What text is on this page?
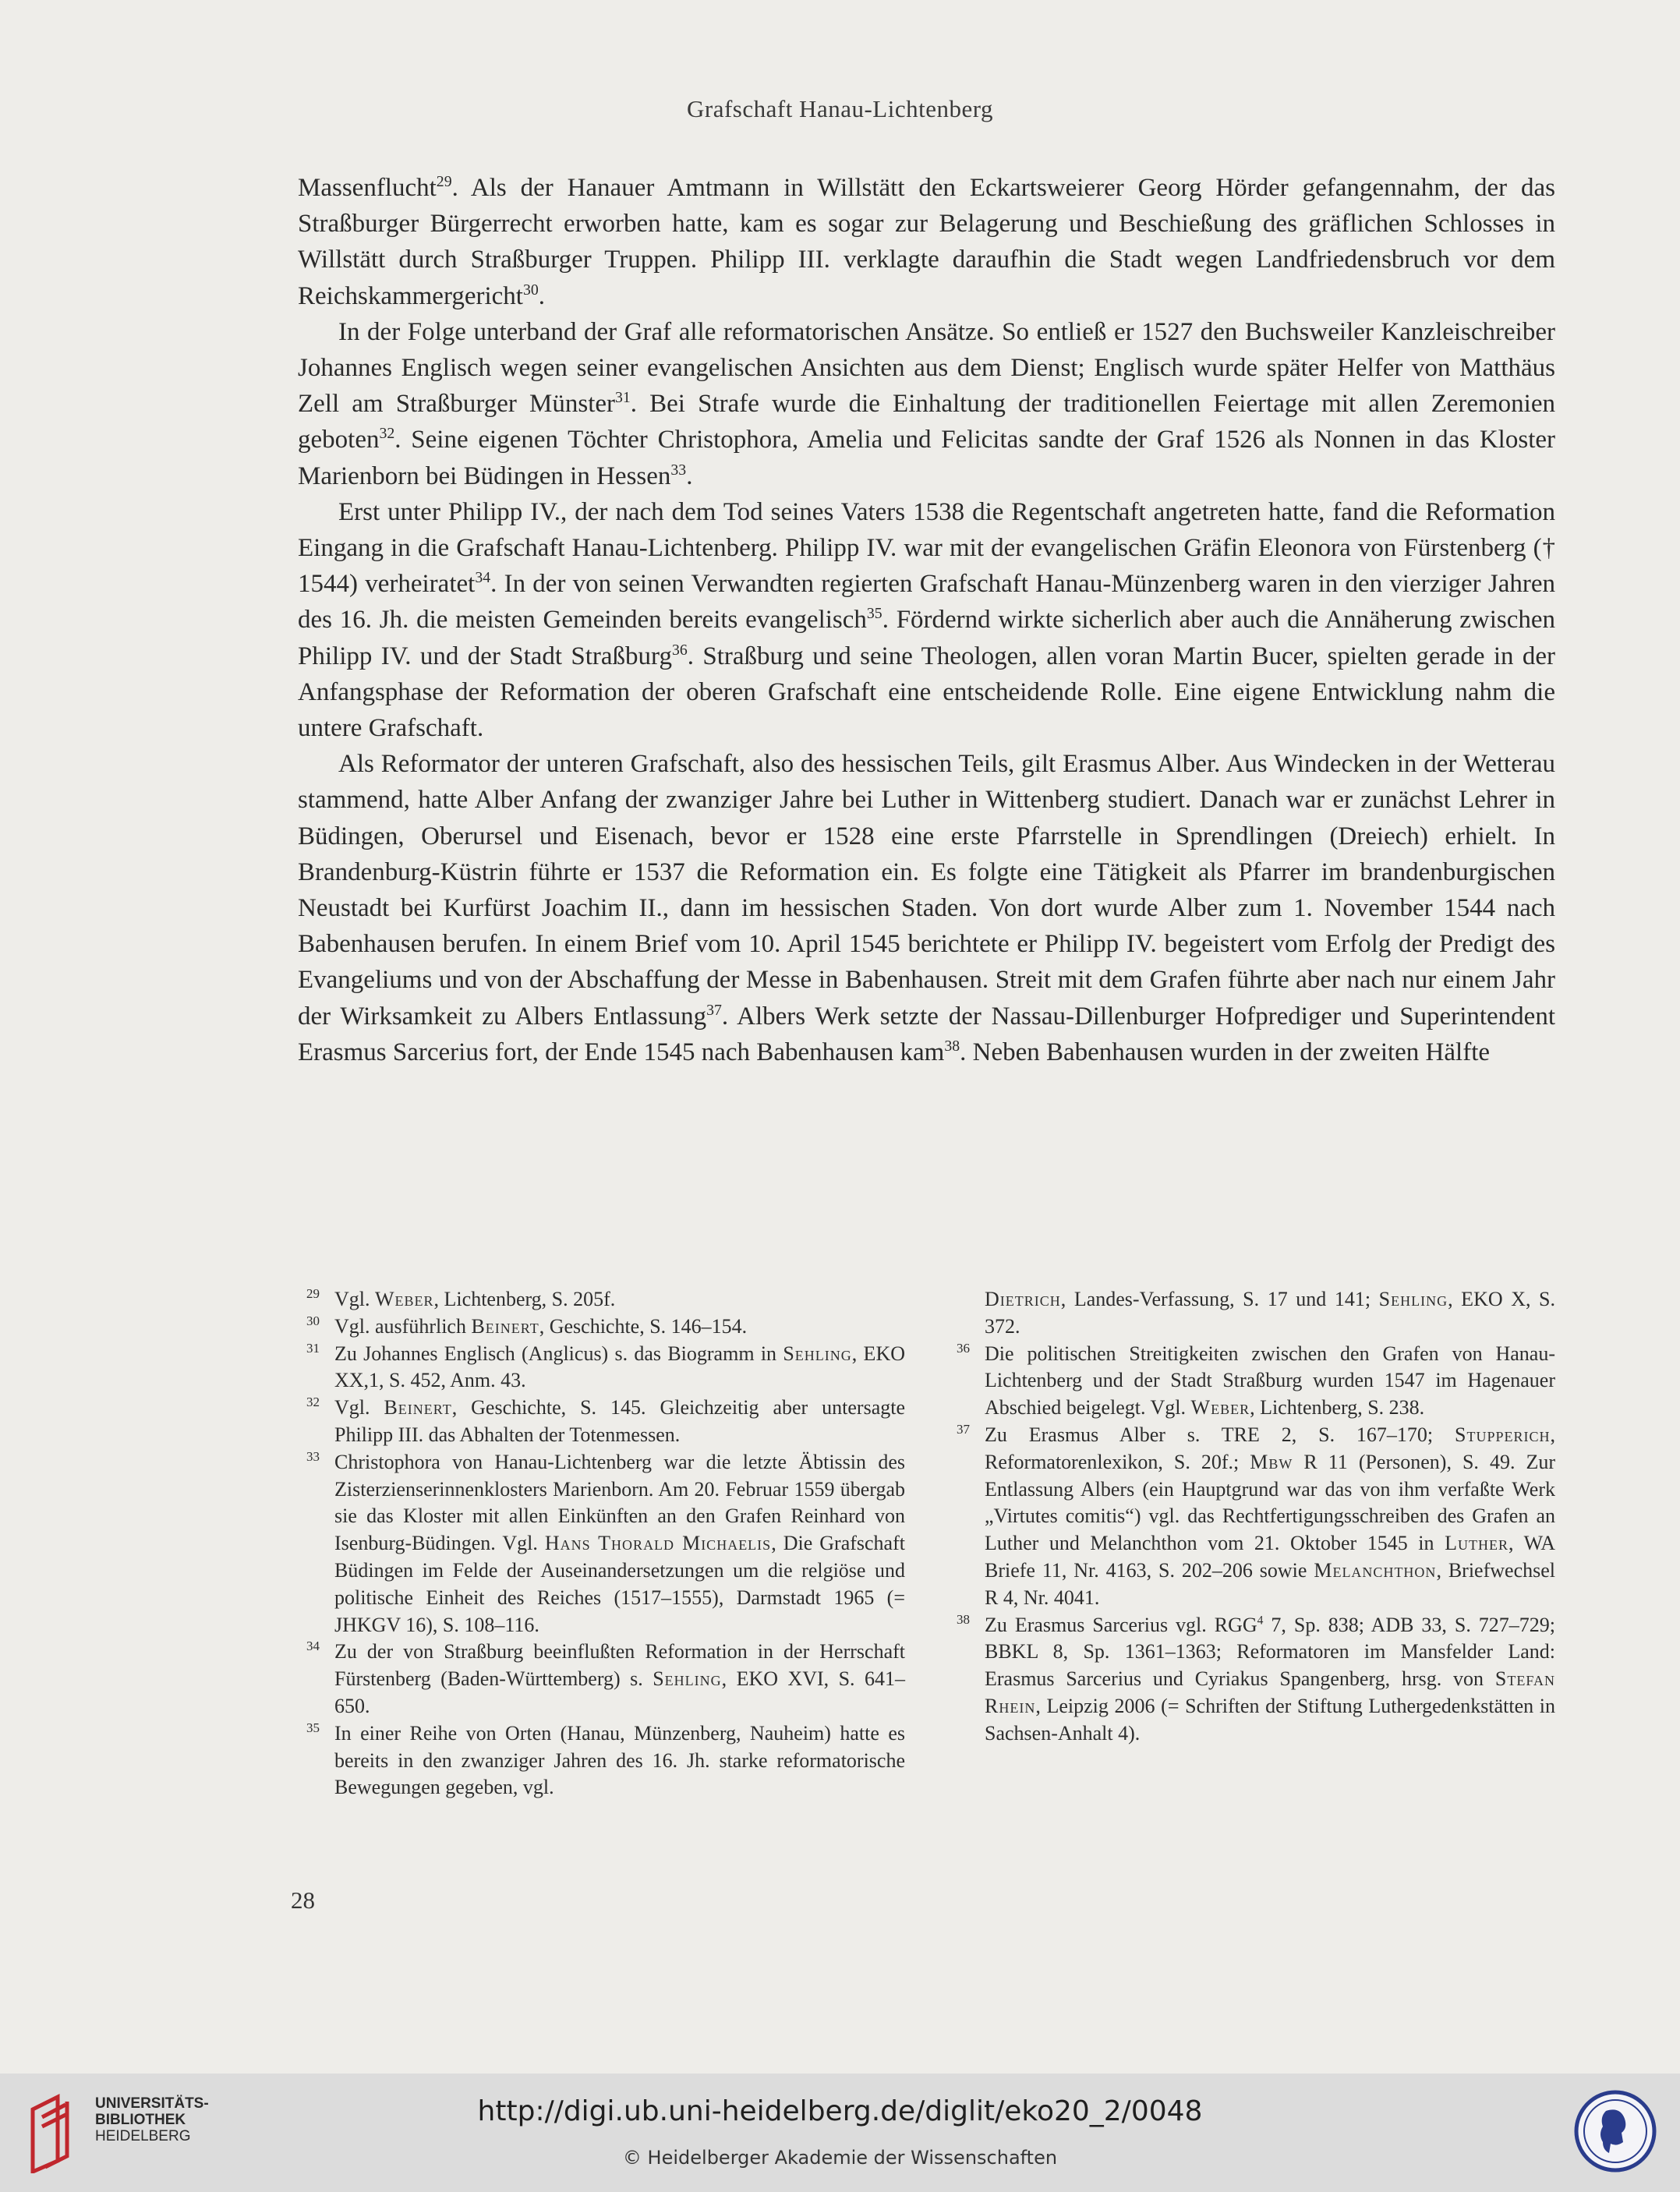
Grafschaft Hanau-Lichtenberg

Massenflucht$^{29}$. Als der Hanauer Amtmann in Willstätt den Eckartsweierer Georg Hörder gefangennahm, der das Straßburger Bürgerrecht erworben hatte, kam es sogar zur Belagerung und Beschießung des gräflichen Schlosses in Willstätt durch Straßburger Truppen. Philipp III. verklagte daraufhin die Stadt wegen Landfriedensbruch vor dem Reichskammergericht$^{30}$.

In der Folge unterband der Graf alle reformatorischen Ansätze. So entließ er 1527 den Buchsweiler Kanzleischreiber Johannes Englisch wegen seiner evangelischen Ansichten aus dem Dienst; Englisch wurde später Helfer von Matthäus Zell am Straßburger Münster$^{31}$. Bei Strafe wurde die Einhaltung der traditionellen Feiertage mit allen Zeremonien geboten$^{32}$. Seine eigenen Töchter Christophora, Amelia und Felicitas sandte der Graf 1526 als Nonnen in das Kloster Marienborn bei Büdingen in Hessen$^{33}$.

Erst unter Philipp IV., der nach dem Tod seines Vaters 1538 die Regentschaft angetreten hatte, fand die Reformation Eingang in die Grafschaft Hanau-Lichtenberg. Philipp IV. war mit der evangelischen Gräfin Eleonora von Fürstenberg († 1544) verheiratet$^{34}$. In der von seinen Verwandten regierten Grafschaft Hanau-Münzenberg waren in den vierziger Jahren des 16. Jh. die meisten Gemeinden bereits evangelisch$^{35}$. Fördernd wirkte sicherlich aber auch die Annäherung zwischen Philipp IV. und der Stadt Straßburg$^{36}$. Straßburg und seine Theologen, allen voran Martin Bucer, spielten gerade in der Anfangsphase der Reformation der oberen Grafschaft eine entscheidende Rolle. Eine eigene Entwicklung nahm die untere Grafschaft.

Als Reformator der unteren Grafschaft, also des hessischen Teils, gilt Erasmus Alber. Aus Windecken in der Wetterau stammend, hatte Alber Anfang der zwanziger Jahre bei Luther in Wittenberg studiert. Danach war er zunächst Lehrer in Büdingen, Oberursel und Eisenach, bevor er 1528 eine erste Pfarrstelle in Sprendlingen (Dreiech) erhielt. In Brandenburg-Küstrin führte er 1537 die Reformation ein. Es folgte eine Tätigkeit als Pfarrer im brandenburgischen Neustadt bei Kurfürst Joachim II., dann im hessischen Staden. Von dort wurde Alber zum 1. November 1544 nach Babenhausen berufen. In einem Brief vom 10. April 1545 berichtete er Philipp IV. begeistert vom Erfolg der Predigt des Evangeliums und von der Abschaffung der Messe in Babenhausen. Streit mit dem Grafen führte aber nach nur einem Jahr der Wirksamkeit zu Albers Entlassung$^{37}$. Albers Werk setzte der Nassau-Dillenburger Hofprediger und Superintendent Erasmus Sarcerius fort, der Ende 1545 nach Babenhausen kam$^{38}$. Neben Babenhausen wurden in der zweiten Hälfte

29 Vgl. Weber, Lichtenberg, S. 205f.

30 Vgl. ausführlich Beinert, Geschichte, S. 146–154.

31 Zu Johannes Englisch (Anglicus) s. das Biogramm in Sehling, EKO XX,1, S. 452, Anm. 43.

32 Vgl. Beinert, Geschichte, S. 145. Gleichzeitig aber untersagte Philipp III. das Abhalten der Totenmessen.

33 Christophora von Hanau-Lichtenberg war die letzte Äbtissin des Zisterzienserinnenklosters Marienborn. Am 20. Februar 1559 übergab sie das Kloster mit allen Einkünften an den Grafen Reinhard von Isenburg-Büdingen. Vgl. Hans Thorald Michaelis, Die Grafschaft Büdingen im Felde der Auseinandersetzungen um die relgiöse und politische Einheit des Reiches (1517–1555), Darmstadt 1965 (= JHKGV 16), S. 108–116.

34 Zu der von Straßburg beeinflußten Reformation in der Herrschaft Fürstenberg (Baden-Württemberg) s. Sehling, EKO XVI, S. 641–650.

35 In einer Reihe von Orten (Hanau, Münzenberg, Nauheim) hatte es bereits in den zwanziger Jahren des 16. Jh. starke reformatorische Bewegungen gegeben, vgl.

Dietrich, Landes-Verfassung, S. 17 und 141; Sehling, EKO X, S. 372.

36 Die politischen Streitigkeiten zwischen den Grafen von Hanau-Lichtenberg und der Stadt Straßburg wurden 1547 im Hagenauer Abschied beigelegt. Vgl. Weber, Lichtenberg, S. 238.

37 Zu Erasmus Alber s. TRE 2, S. 167–170; Stupperich, Reformatorenlexikon, S. 20f.; Mbw R 11 (Personen), S. 49. Zur Entlassung Albers (ein Hauptgrund war das von ihm verfaßte Werk „Virtutes comitis“) vgl. das Rechtfertigungsschreiben des Grafen an Luther und Melanchthon vom 21. Oktober 1545 in Luther, WA Briefe 11, Nr. 4163, S. 202–206 sowie Melanchthon, Briefwechsel R 4, Nr. 4041.

38 Zu Erasmus Sarcerius vgl. RGG$^4$ 7, Sp. 838; ADB 33, S. 727–729; BBKL 8, Sp. 1361–1363; Reformatoren im Mansfelder Land: Erasmus Sarcerius und Cyriakus Spangenberg, hrsg. von Stefan Rhein, Leipzig 2006 (= Schriften der Stiftung Luthergedenkstätten in Sachsen-Anhalt 4).

28
UNIVERSITÄTS-
BIBLIOTHEK
HEIDELBERG
http://digi.ub.uni-heidelberg.de/diglit/eko20_2/0048
© Heidelberger Akademie der Wissenschaften
